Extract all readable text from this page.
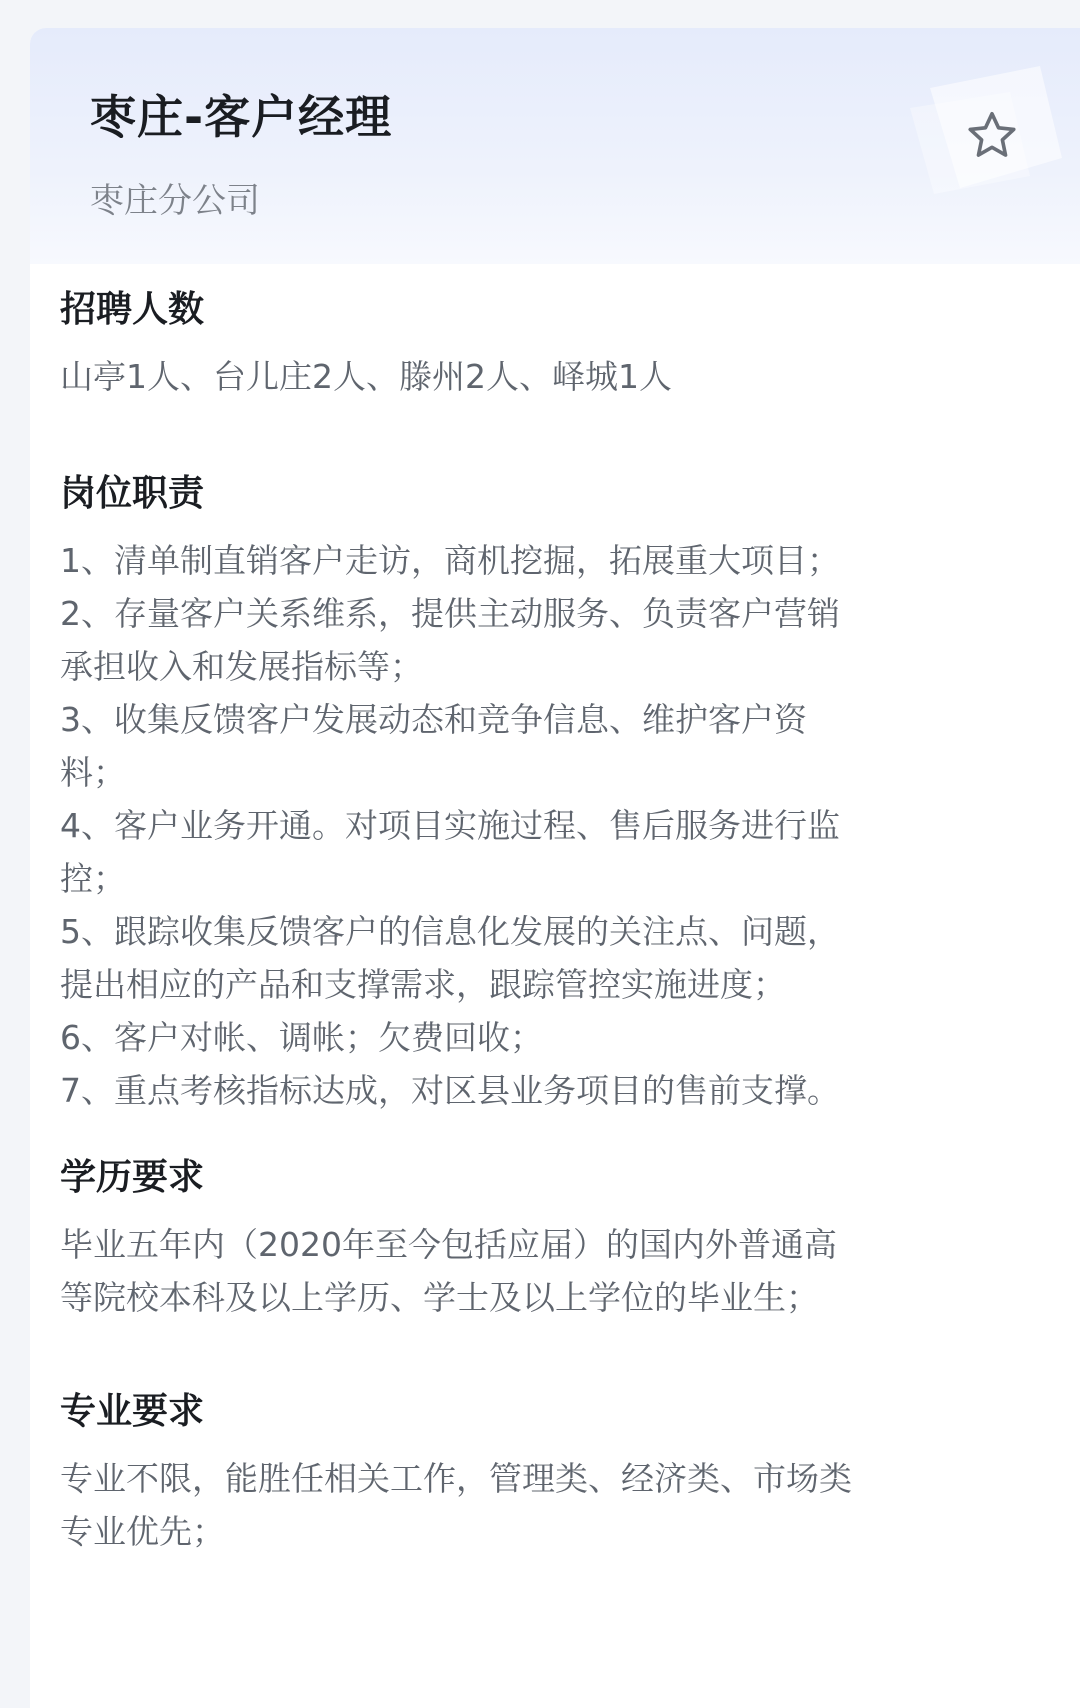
枣庄-客户经理
枣庄分公司
招聘人数
山亭1人、台儿庄2人、滕州2人、峄城1人
岗位职责
1、清单制直销客户走访，商机挖掘，拓展重大项目；
2、存量客户关系维系，提供主动服务、负责客户营销
承担收入和发展指标等；
3、收集反馈客户发展动态和竞争信息、维护客户资
料；
4、客户业务开通。对项目实施过程、售后服务进行监
控；
5、跟踪收集反馈客户的信息化发展的关注点、问题，
提出相应的产品和支撑需求，跟踪管控实施进度；
6、客户对帐、调帐；欠费回收；
7、重点考核指标达成，对区县业务项目的售前支撑。
学历要求
毕业五年内（2020年至今包括应届）的国内外普通高
等院校本科及以上学历、学士及以上学位的毕业生；
专业要求
专业不限，能胜任相关工作，管理类、经济类、市场类
专业优先；
